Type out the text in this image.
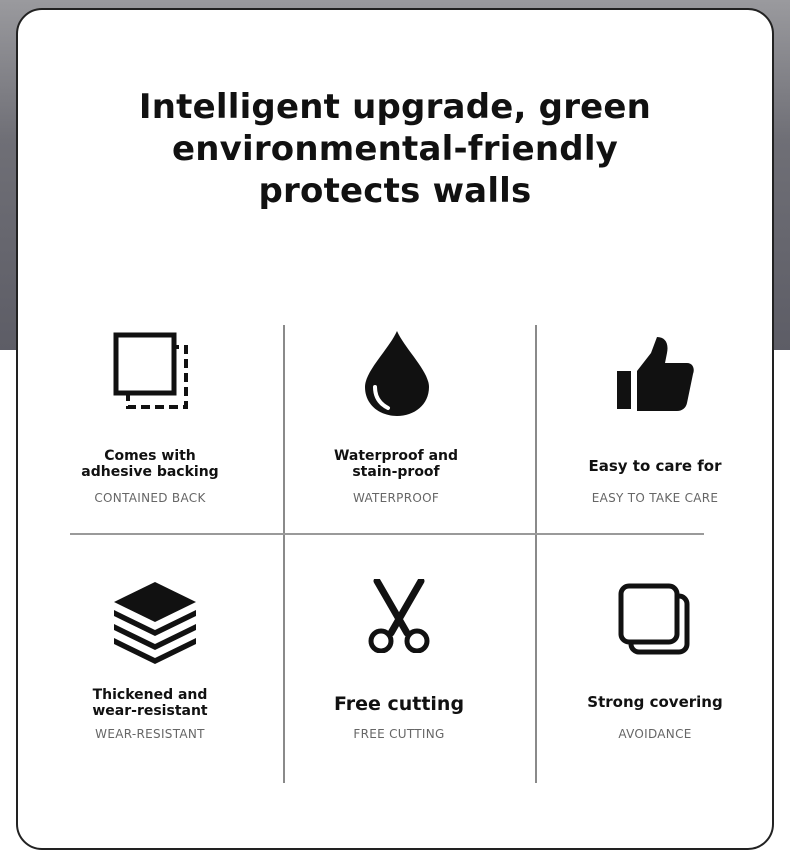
Intelligent upgrade, green
environmental-friendly
protects walls
Comes with
adhesive backing
CONTAINED BACK
Waterproof and
stain-proof
WATERPROOF
Easy to care for
EASY TO TAKE CARE
Thickened and
wear-resistant
WEAR-RESISTANT
Free cutting
FREE CUTTING
Strong covering
AVOIDANCE
